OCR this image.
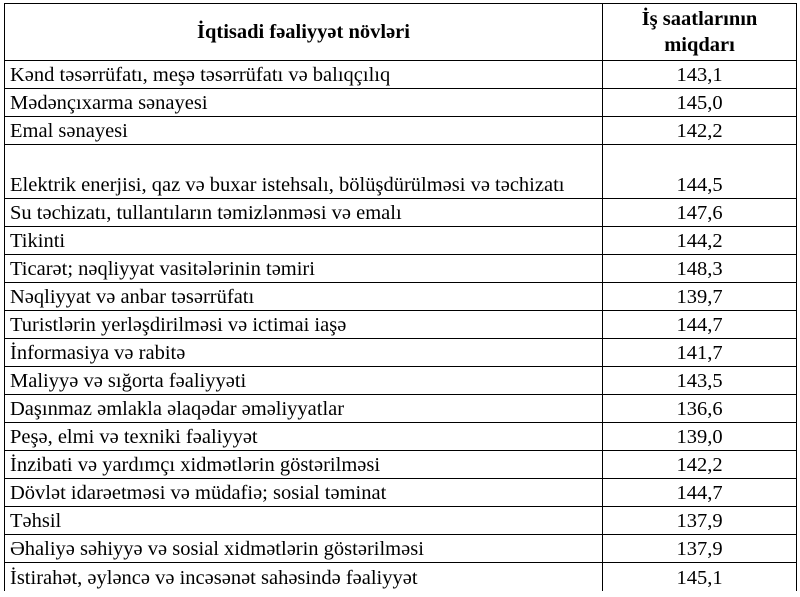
İqtisadi fəaliyyət növləri	İş saatlarının
miqdarı

Kənd təsərrüfatı, meşə təsərrüfatı və balıqçılıq	143,1
Mədənçıxarma sənayesi	145,0
Emal sənayesi	142,2
Elektrik enerjisi, qaz və buxar istehsalı, bölüşdürülməsi və təchizatı	144,5
Su təchizatı, tullantıların təmizlənməsi və emalı	147,6
Tikinti	144,2
Ticarət; nəqliyyat vasitələrinin təmiri	148,3
Nəqliyyat və anbar təsərrüfatı	139,7
Turistlərin yerləşdirilməsi və ictimai iaşə	144,7
İnformasiya və rabitə	141,7
Maliyyə və sığorta fəaliyyəti	143,5
Daşınmaz əmlakla əlaqədar əməliyyatlar	136,6
Peşə, elmi və texniki fəaliyyət	139,0
İnzibati və yardımçı xidmətlərin göstərilməsi	142,2
Dövlət idarəetməsi və müdafiə; sosial təminat	144,7
Təhsil	137,9
Əhaliyə səhiyyə və sosial xidmətlərin göstərilməsi	137,9
İstirahət, əyləncə və incəsənət sahəsində fəaliyyət	145,1
